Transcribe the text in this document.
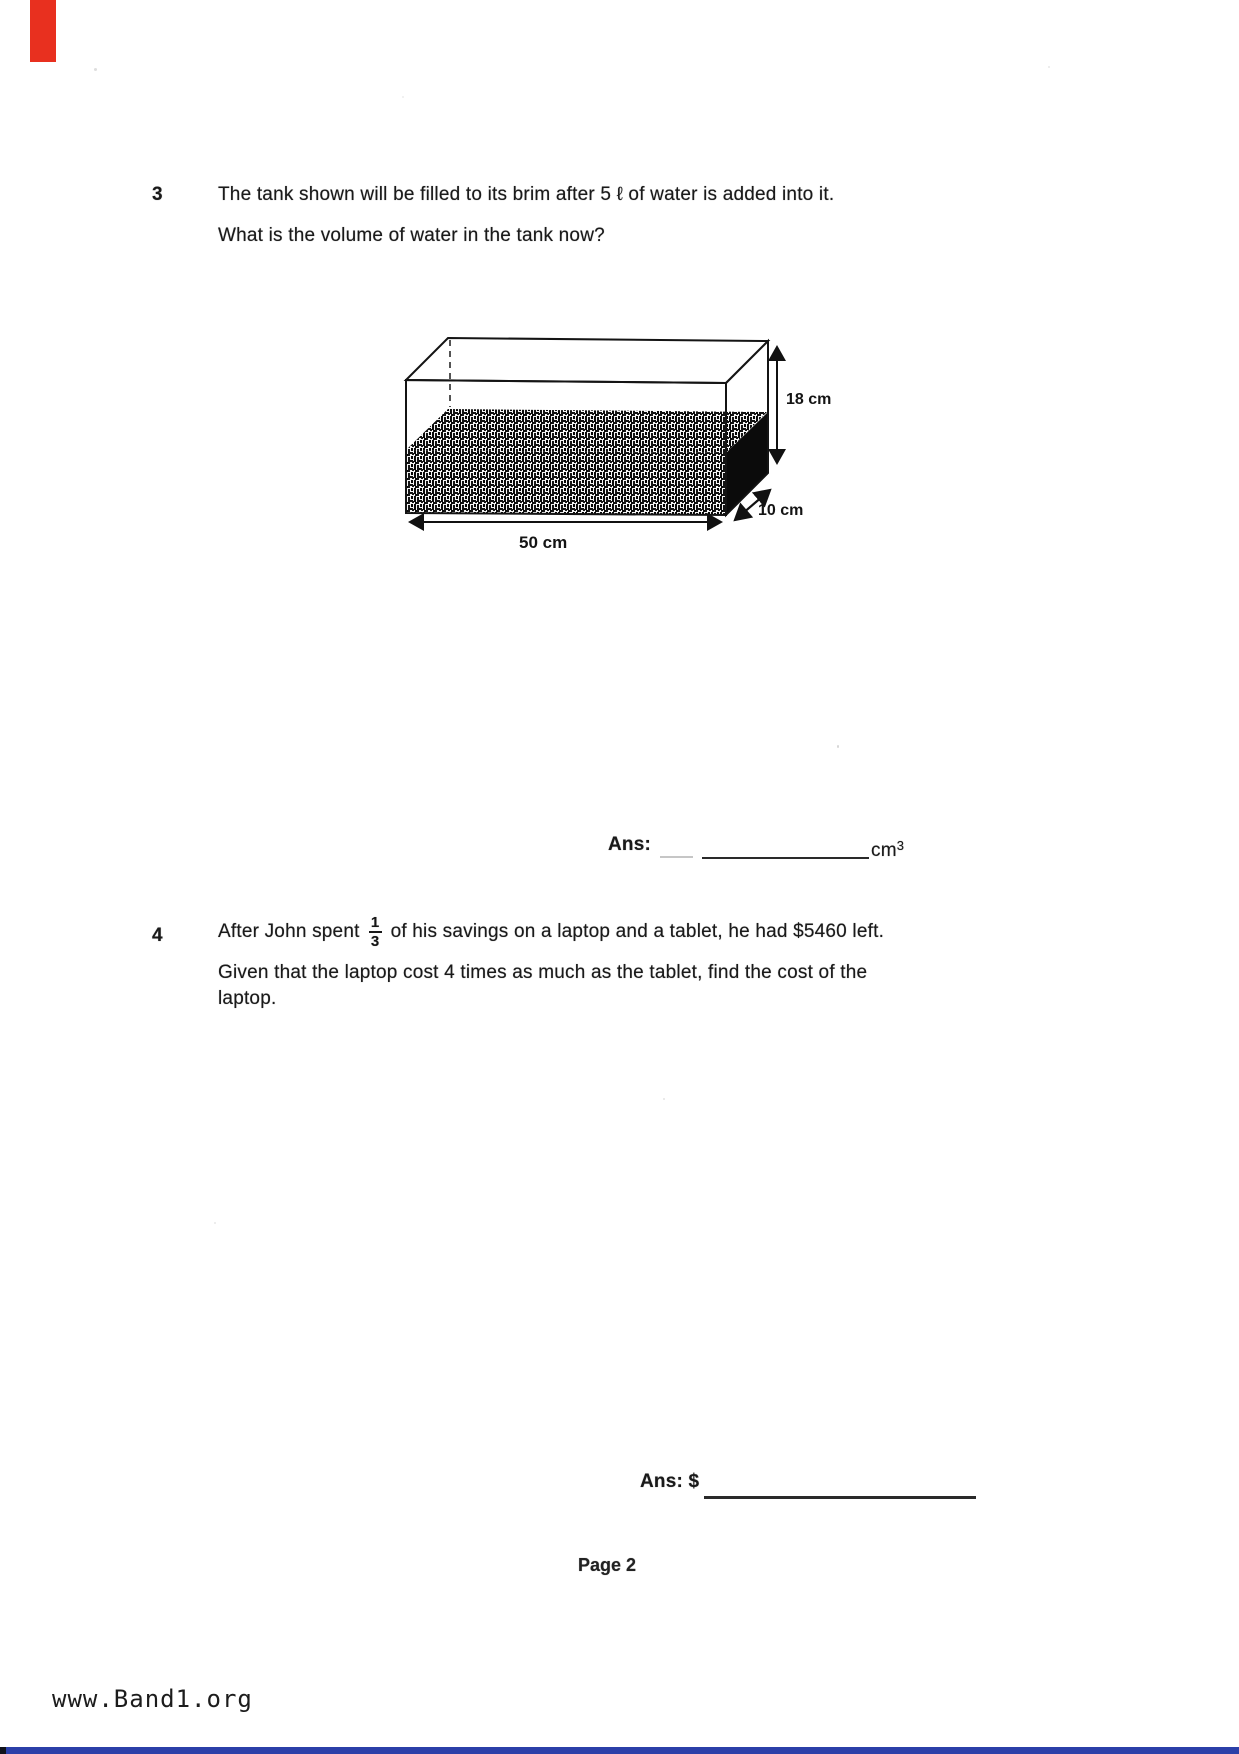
3	The tank shown will be filled to its brim after 5 ℓ of water is added into it.
What is the volume of water in the tank now?
18 cm
10 cm
50 cm
Ans:	$cm^3$
4	After John spent $\frac{1}{3}$ of his savings on a laptop and a tablet, he had $5460 left.
Given that the laptop cost 4 times as much as the tablet, find the cost of the
laptop.
Ans: $
Page 2
www.Band1.org
